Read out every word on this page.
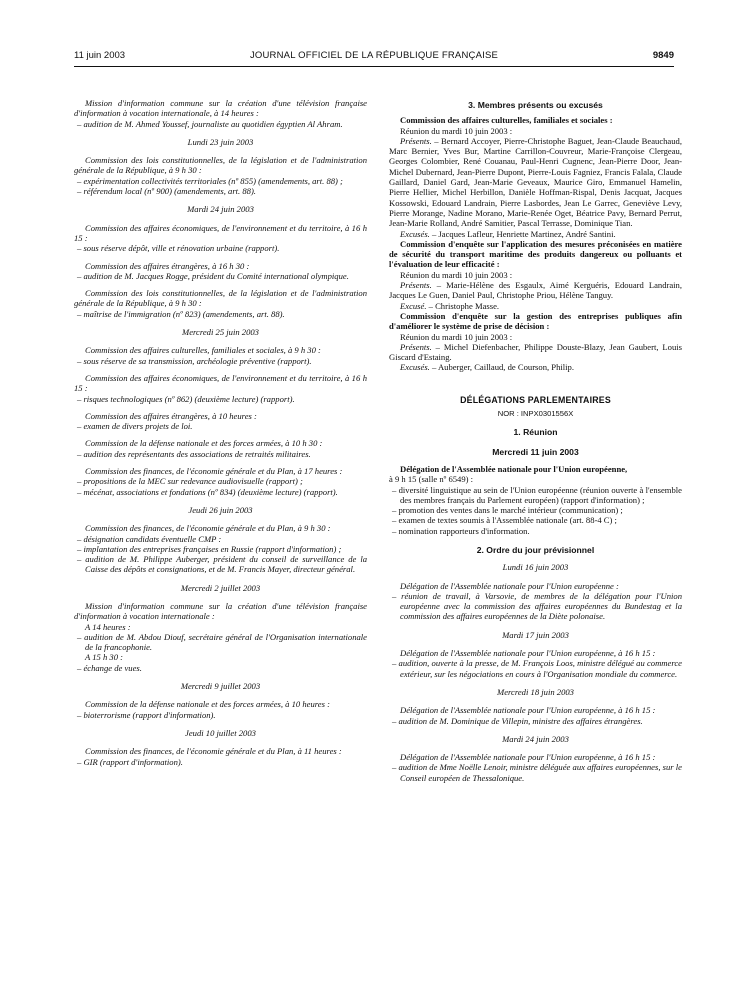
11 juin 2003	JOURNAL OFFICIEL DE LA RÉPUBLIQUE FRANÇAISE	9849

Mission d'information commune sur la création d'une télévision française d'information à vocation internationale, à 14 heures :

– audition de M. Ahmed Youssef, journaliste au quotidien égyptien Al Ahram.

Lundi 23 juin 2003

Commission des lois constitutionnelles, de la législation et de l'administration générale de la République, à 9 h 30 :

– expérimentation collectivités territoriales (nº 855) (amendements, art. 88) ;

– référendum local (nº 900) (amendements, art. 88).

Mardi 24 juin 2003

Commission des affaires économiques, de l'environnement et du territoire, à 16 h 15 :

– sous réserve dépôt, ville et rénovation urbaine (rapport).

Commission des affaires étrangères, à 16 h 30 :

– audition de M. Jacques Rogge, président du Comité international olympique.

Commission des lois constitutionnelles, de la législation et de l'administration générale de la République, à 9 h 30 :

– maîtrise de l'immigration (nº 823) (amendements, art. 88).

Mercredi 25 juin 2003

Commission des affaires culturelles, familiales et sociales, à 9 h 30 :

– sous réserve de sa transmission, archéologie préventive (rapport).

Commission des affaires économiques, de l'environnement et du territoire, à 16 h 15 :

– risques technologiques (nº 862) (deuxième lecture) (rapport).

Commission des affaires étrangères, à 10 heures :

– examen de divers projets de loi.

Commission de la défense nationale et des forces armées, à 10 h 30 :

– audition des représentants des associations de retraités militaires.

Commission des finances, de l'économie générale et du Plan, à 17 heures :

– propositions de la MEC sur redevance audiovisuelle (rapport) ;

– mécénat, associations et fondations (nº 834) (deuxième lecture) (rapport).

Jeudi 26 juin 2003

Commission des finances, de l'économie générale et du Plan, à 9 h 30 :

– désignation candidats éventuelle CMP :

– implantation des entreprises françaises en Russie (rapport d'information) ;

– audition de M. Philippe Auberger, président du conseil de surveillance de la Caisse des dépôts et consignations, et de M. Francis Mayer, directeur général.

Mercredi 2 juillet 2003

Mission d'information commune sur la création d'une télévision française d'information à vocation internationale :

A 14 heures :

– audition de M. Abdou Diouf, secrétaire général de l'Organisation internationale de la francophonie.

A 15 h 30 :

– échange de vues.

Mercredi 9 juillet 2003

Commission de la défense nationale et des forces armées, à 10 heures :

– bioterrorisme (rapport d'information).

Jeudi 10 juillet 2003

Commission des finances, de l'économie générale et du Plan, à 11 heures :

– GIR (rapport d'information).

3. Membres présents ou excusés

Commission des affaires culturelles, familiales et sociales :

Réunion du mardi 10 juin 2003 :

Présents. – Bernard Accoyer, Pierre-Christophe Baguet, Jean-Claude Beauchaud, Marc Bernier, Yves Bur, Martine Carrillon-Couvreur, Marie-Françoise Clergeau, Georges Colombier, René Couanau, Paul-Henri Cugnenc, Jean-Pierre Door, Jean-Michel Dubernard, Jean-Pierre Dupont, Pierre-Louis Fagniez, Francis Falala, Claude Gaillard, Daniel Gard, Jean-Marie Geveaux, Maurice Giro, Emmanuel Hamelin, Pierre Hellier, Michel Herbillon, Danièle Hoffman-Rispal, Denis Jacquat, Jacques Kossowski, Edouard Landrain, Pierre Lasbordes, Jean Le Garrec, Geneviève Levy, Pierre Morange, Nadine Morano, Marie-Renée Oget, Béatrice Pavy, Bernard Perrut, Jean-Marie Rolland, André Samitier, Pascal Terrasse, Dominique Tian.

Excusés. – Jacques Lafleur, Henriette Martinez, André Santini.

Commission d'enquête sur l'application des mesures préconisées en matière de sécurité du transport maritime des produits dangereux ou polluants et l'évaluation de leur efficacité :

Réunion du mardi 10 juin 2003 :

Présents. – Marie-Hélène des Esgaulx, Aimé Kerguéris, Edouard Landrain, Jacques Le Guen, Daniel Paul, Christophe Priou, Hélène Tanguy.

Excusé. – Christophe Masse.

Commission d'enquête sur la gestion des entreprises publiques afin d'améliorer le système de prise de décision :

Réunion du mardi 10 juin 2003 :

Présents. – Michel Diefenbacher, Philippe Douste-Blazy, Jean Gaubert, Louis Giscard d'Estaing.

Excusés. – Auberger, Caillaud, de Courson, Philip.

DÉLÉGATIONS PARLEMENTAIRES

NOR : INPX0301556X

1. Réunion

Mercredi 11 juin 2003

Délégation de l'Assemblée nationale pour l'Union européenne,

à 9 h 15 (salle nº 6549) :

– diversité linguistique au sein de l'Union européenne (réunion ouverte à l'ensemble des membres français du Parlement européen) (rapport d'information) ;

– promotion des ventes dans le marché intérieur (communication) ;

– examen de textes soumis à l'Assemblée nationale (art. 88-4 C) ;

– nomination rapporteurs d'information.

2. Ordre du jour prévisionnel

Lundi 16 juin 2003

Délégation de l'Assemblée nationale pour l'Union européenne :

– réunion de travail, à Varsovie, de membres de la délégation pour l'Union européenne avec la commission des affaires européennes du Bundestag et la commission des affaires européennes de la Diète polonaise.

Mardi 17 juin 2003

Délégation de l'Assemblée nationale pour l'Union européenne, à 16 h 15 :

– audition, ouverte à la presse, de M. François Loos, ministre délégué au commerce extérieur, sur les négociations en cours à l'Organisation mondiale du commerce.

Mercredi 18 juin 2003

Délégation de l'Assemblée nationale pour l'Union européenne, à 16 h 15 :

– audition de M. Dominique de Villepin, ministre des affaires étrangères.

Mardi 24 juin 2003

Délégation de l'Assemblée nationale pour l'Union européenne, à 16 h 15 :

– audition de Mme Noëlle Lenoir, ministre déléguée aux affaires européennes, sur le Conseil européen de Thessalonique.
